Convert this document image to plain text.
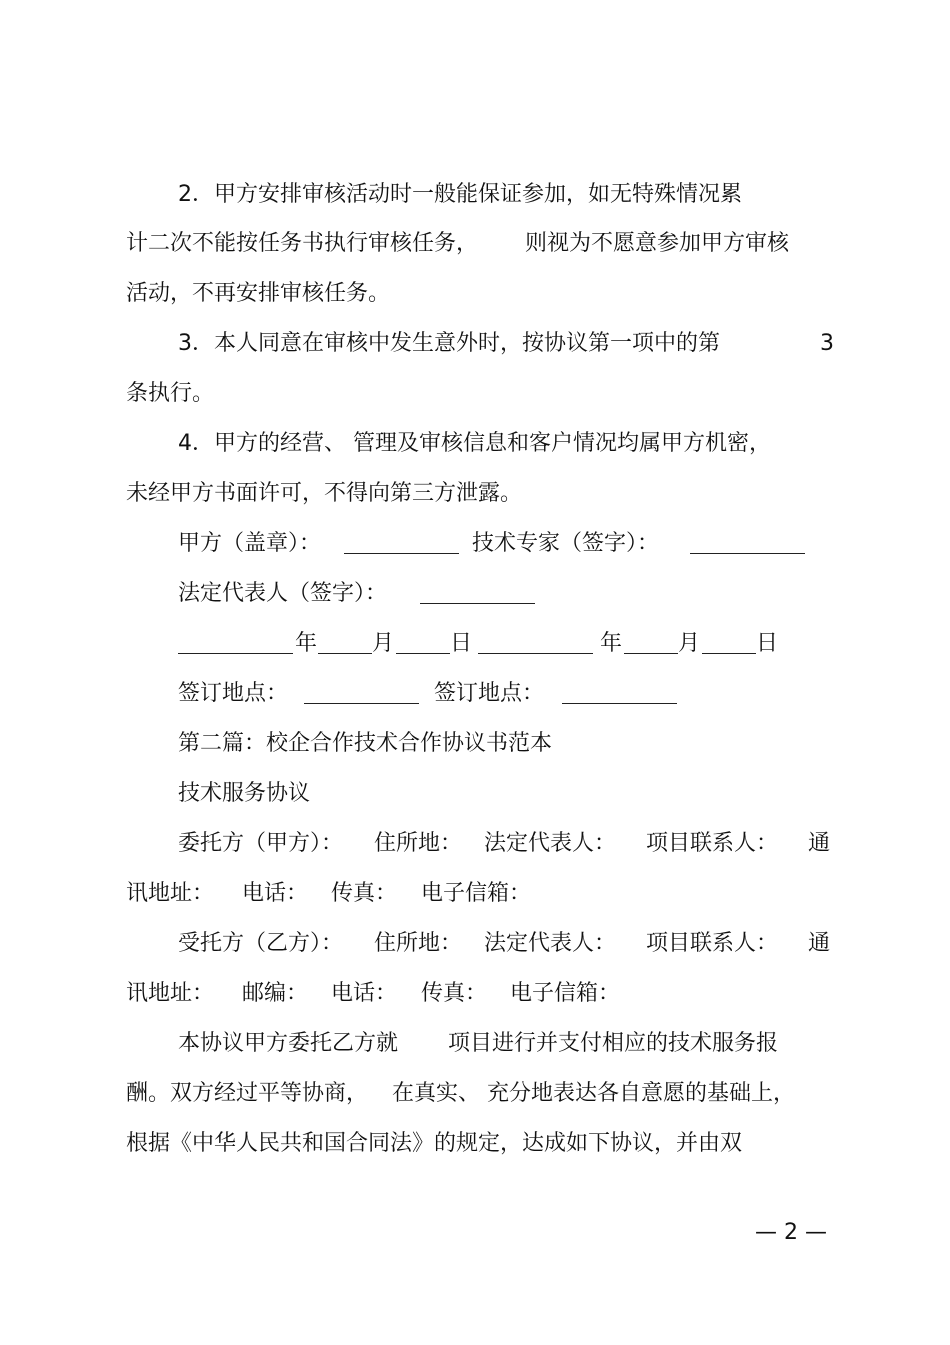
2．甲方安排审核活动时一般能保证参加，如无特殊情况累
计二次不能按任务书执行审核任务， 则视为不愿意参加甲方审核
活动，不再安排审核任务。
3．本人同意在审核中发生意外时，按协议第一项中的第	3
条执行。
4．甲方的经营、 管理及审核信息和客户情况均属甲方机密，
未经甲方书面许可，不得向第三方泄露。
甲方（盖章）：	技术专家（签字）：
法定代表人（签字）：
年 月	日	年	月	日
签订地点：	签订地点：
第二篇：校企合作技术合作协议书范本
技术服务协议
委托方（甲方）： 住所地： 法定代表人： 项目联系人： 通
讯地址： 电话： 传真： 电子信箱：
受托方（乙方）： 住所地： 法定代表人： 项目联系人： 通
讯地址： 邮编： 电话： 传真： 电子信箱：
本协议甲方委托乙方就 项目进行并支付相应的技术服务报
酬。双方经过平等协商， 在真实、 充分地表达各自意愿的基础上，
根据《中华人民共和国合同法》的规定，达成如下协议，并由双
— 2 —
